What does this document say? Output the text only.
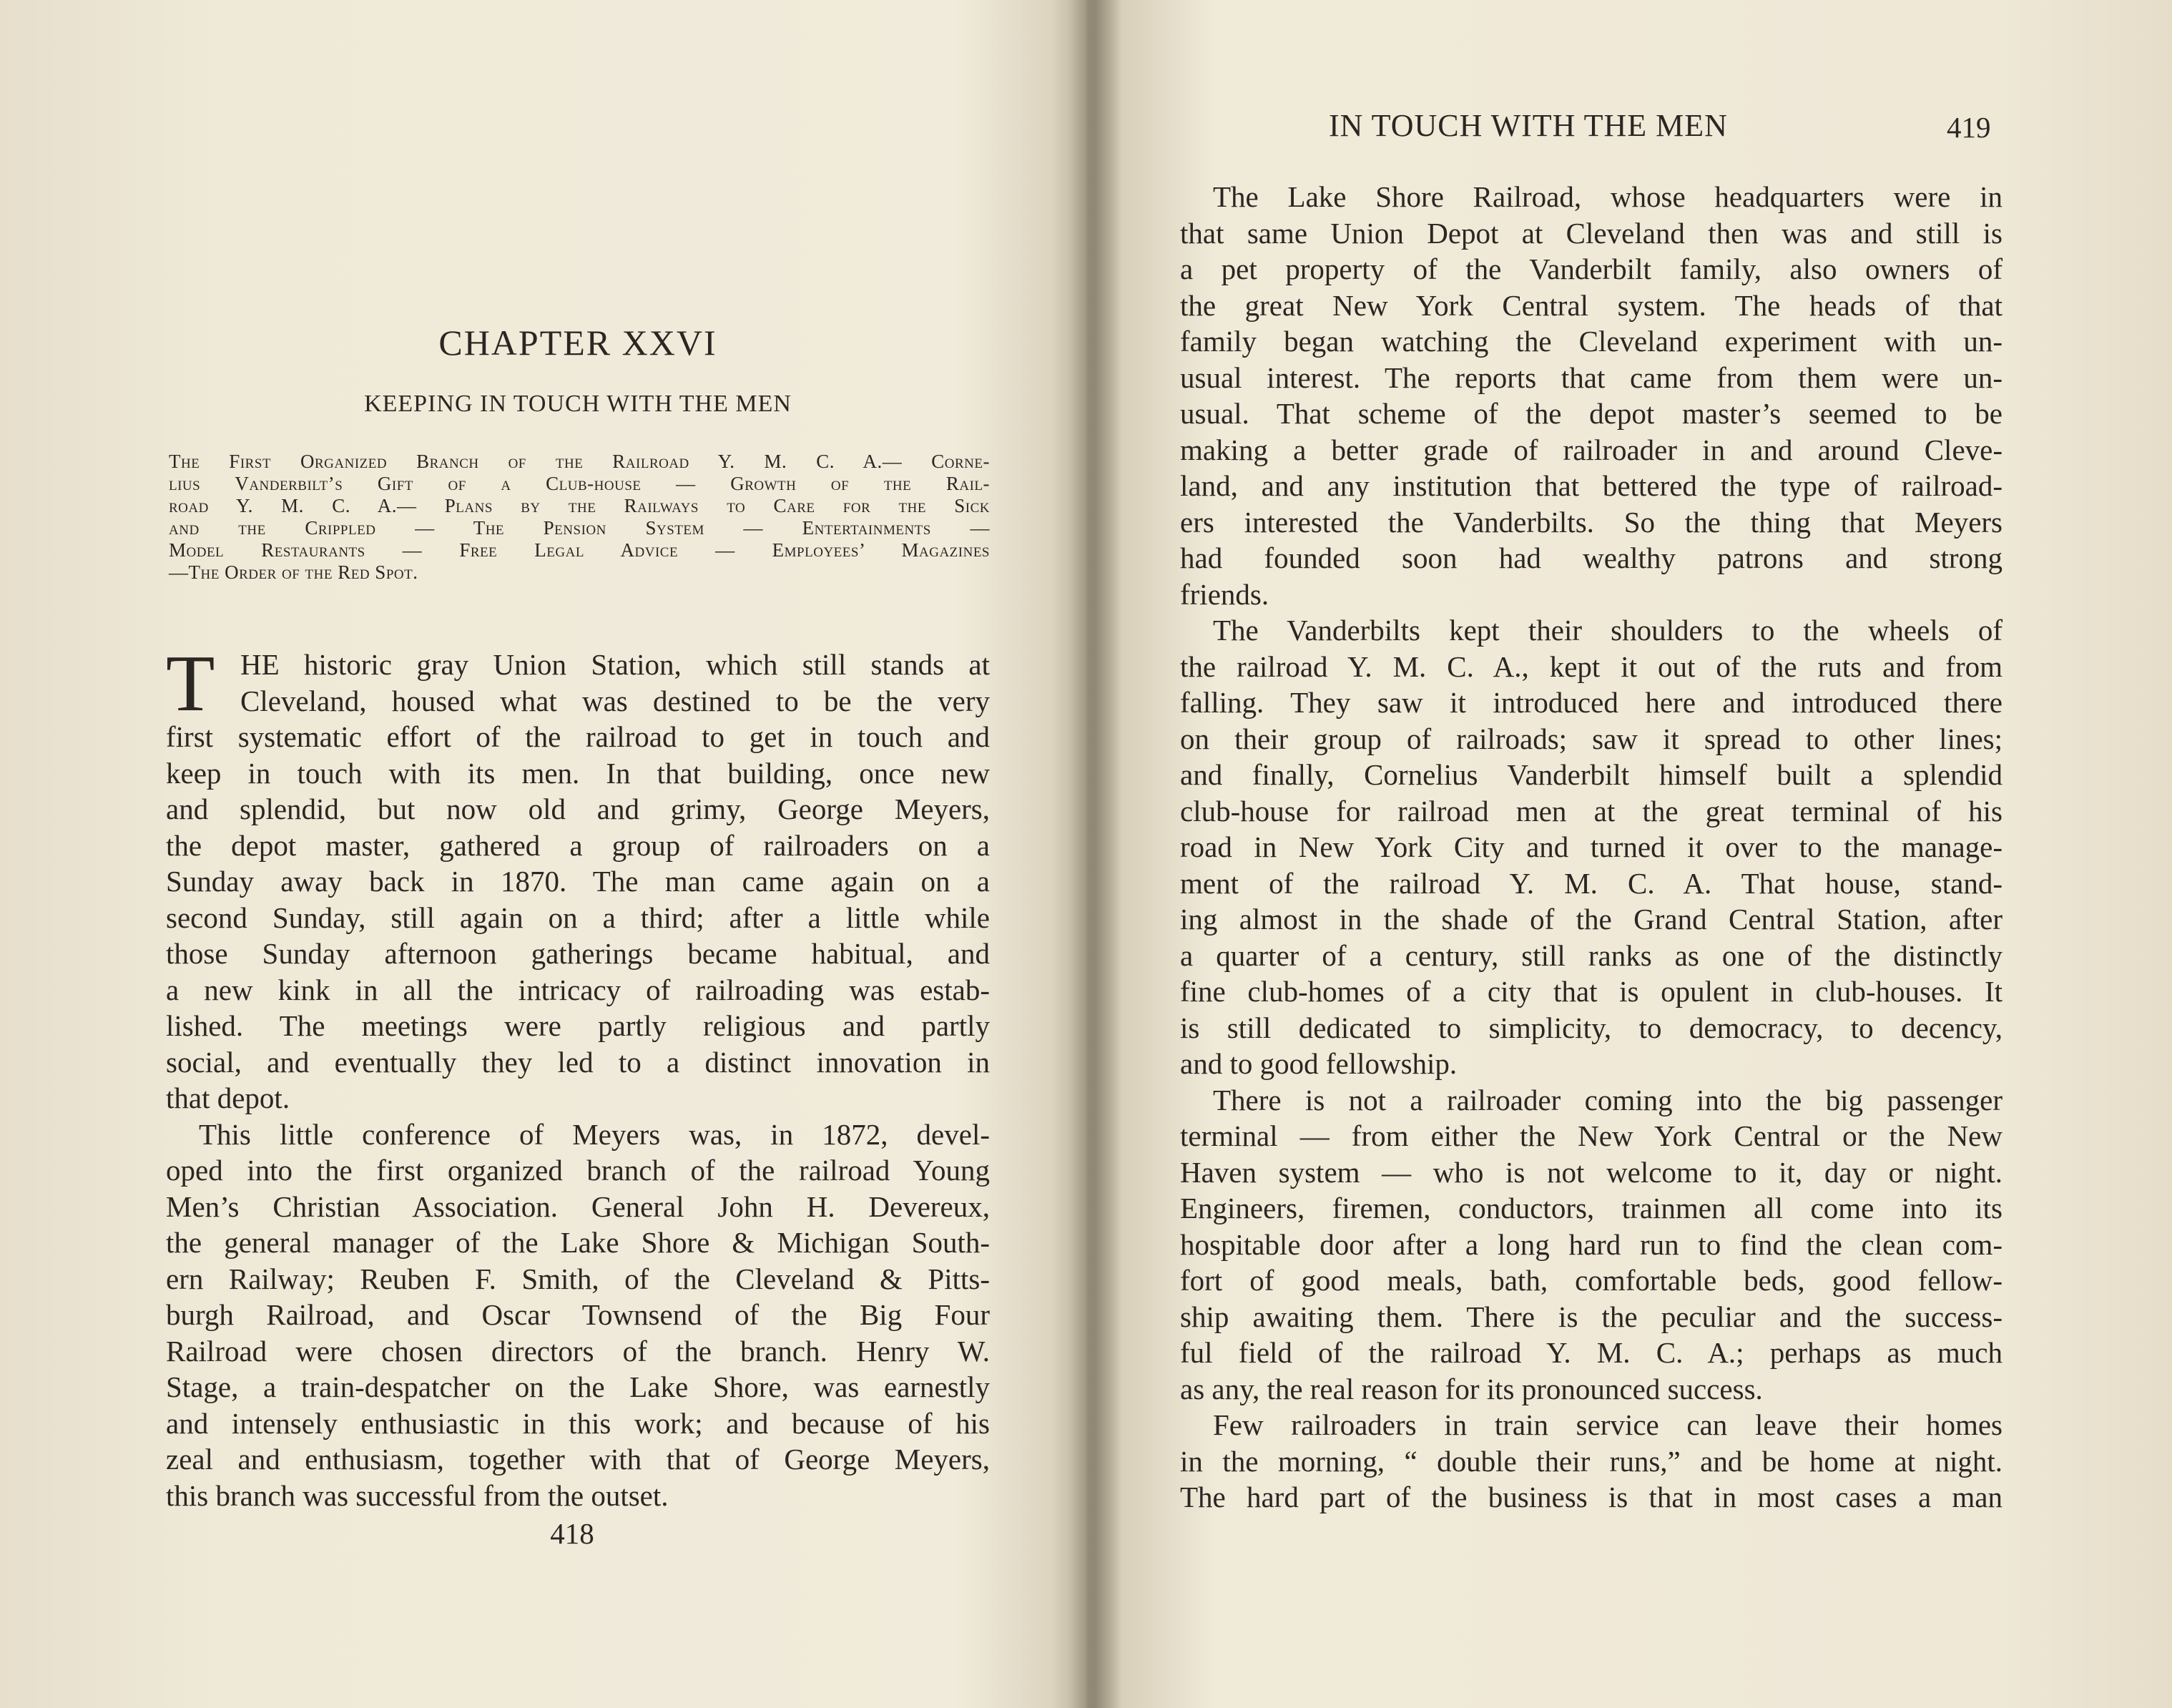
CHAPTER XXVI
KEEPING IN TOUCH WITH THE MEN
The First Organized Branch of the Railroad Y. M. C. A.— Corne-
lius Vanderbilt’s Gift of a Club-house — Growth of the Rail-
road Y. M. C. A.— Plans by the Railways to Care for the Sick
and the Crippled — The Pension System — Entertainments —
Model Restaurants — Free Legal Advice — Employees’ Magazines
—The Order of the Red Spot.
T HE historic gray Union Station, which still stands at
Cleveland, housed what was destined to be the very
first systematic effort of the railroad to get in touch and
keep in touch with its men. In that building, once new
and splendid, but now old and grimy, George Meyers,
the depot master, gathered a group of railroaders on a
Sunday away back in 1870. The man came again on a
second Sunday, still again on a third; after a little while
those Sunday afternoon gatherings became habitual, and
a new kink in all the intricacy of railroading was estab-
lished. The meetings were partly religious and partly
social, and eventually they led to a distinct innovation in
that depot.
This little conference of Meyers was, in 1872, devel-
oped into the first organized branch of the railroad Young
Men’s Christian Association. General John H. Devereux,
the general manager of the Lake Shore & Michigan South-
ern Railway; Reuben F. Smith, of the Cleveland & Pitts-
burgh Railroad, and Oscar Townsend of the Big Four
Railroad were chosen directors of the branch. Henry W.
Stage, a train-despatcher on the Lake Shore, was earnestly
and intensely enthusiastic in this work; and because of his
zeal and enthusiasm, together with that of George Meyers,
this branch was successful from the outset.
418
IN TOUCH WITH THE MEN	419
The Lake Shore Railroad, whose headquarters were in
that same Union Depot at Cleveland then was and still is
a pet property of the Vanderbilt family, also owners of
the great New York Central system. The heads of that
family began watching the Cleveland experiment with un-
usual interest. The reports that came from them were un-
usual. That scheme of the depot master’s seemed to be
making a better grade of railroader in and around Cleve-
land, and any institution that bettered the type of railroad-
ers interested the Vanderbilts. So the thing that Meyers
had founded soon had wealthy patrons and strong
friends.
The Vanderbilts kept their shoulders to the wheels of
the railroad Y. M. C. A., kept it out of the ruts and from
falling. They saw it introduced here and introduced there
on their group of railroads; saw it spread to other lines;
and finally, Cornelius Vanderbilt himself built a splendid
club-house for railroad men at the great terminal of his
road in New York City and turned it over to the manage-
ment of the railroad Y. M. C. A. That house, stand-
ing almost in the shade of the Grand Central Station, after
a quarter of a century, still ranks as one of the distinctly
fine club-homes of a city that is opulent in club-houses. It
is still dedicated to simplicity, to democracy, to decency,
and to good fellowship.
There is not a railroader coming into the big passenger
terminal — from either the New York Central or the New
Haven system — who is not welcome to it, day or night.
Engineers, firemen, conductors, trainmen all come into its
hospitable door after a long hard run to find the clean com-
fort of good meals, bath, comfortable beds, good fellow-
ship awaiting them. There is the peculiar and the success-
ful field of the railroad Y. M. C. A.; perhaps as much
as any, the real reason for its pronounced success.
Few railroaders in train service can leave their homes
in the morning, “ double their runs,” and be home at night.
The hard part of the business is that in most cases a man
